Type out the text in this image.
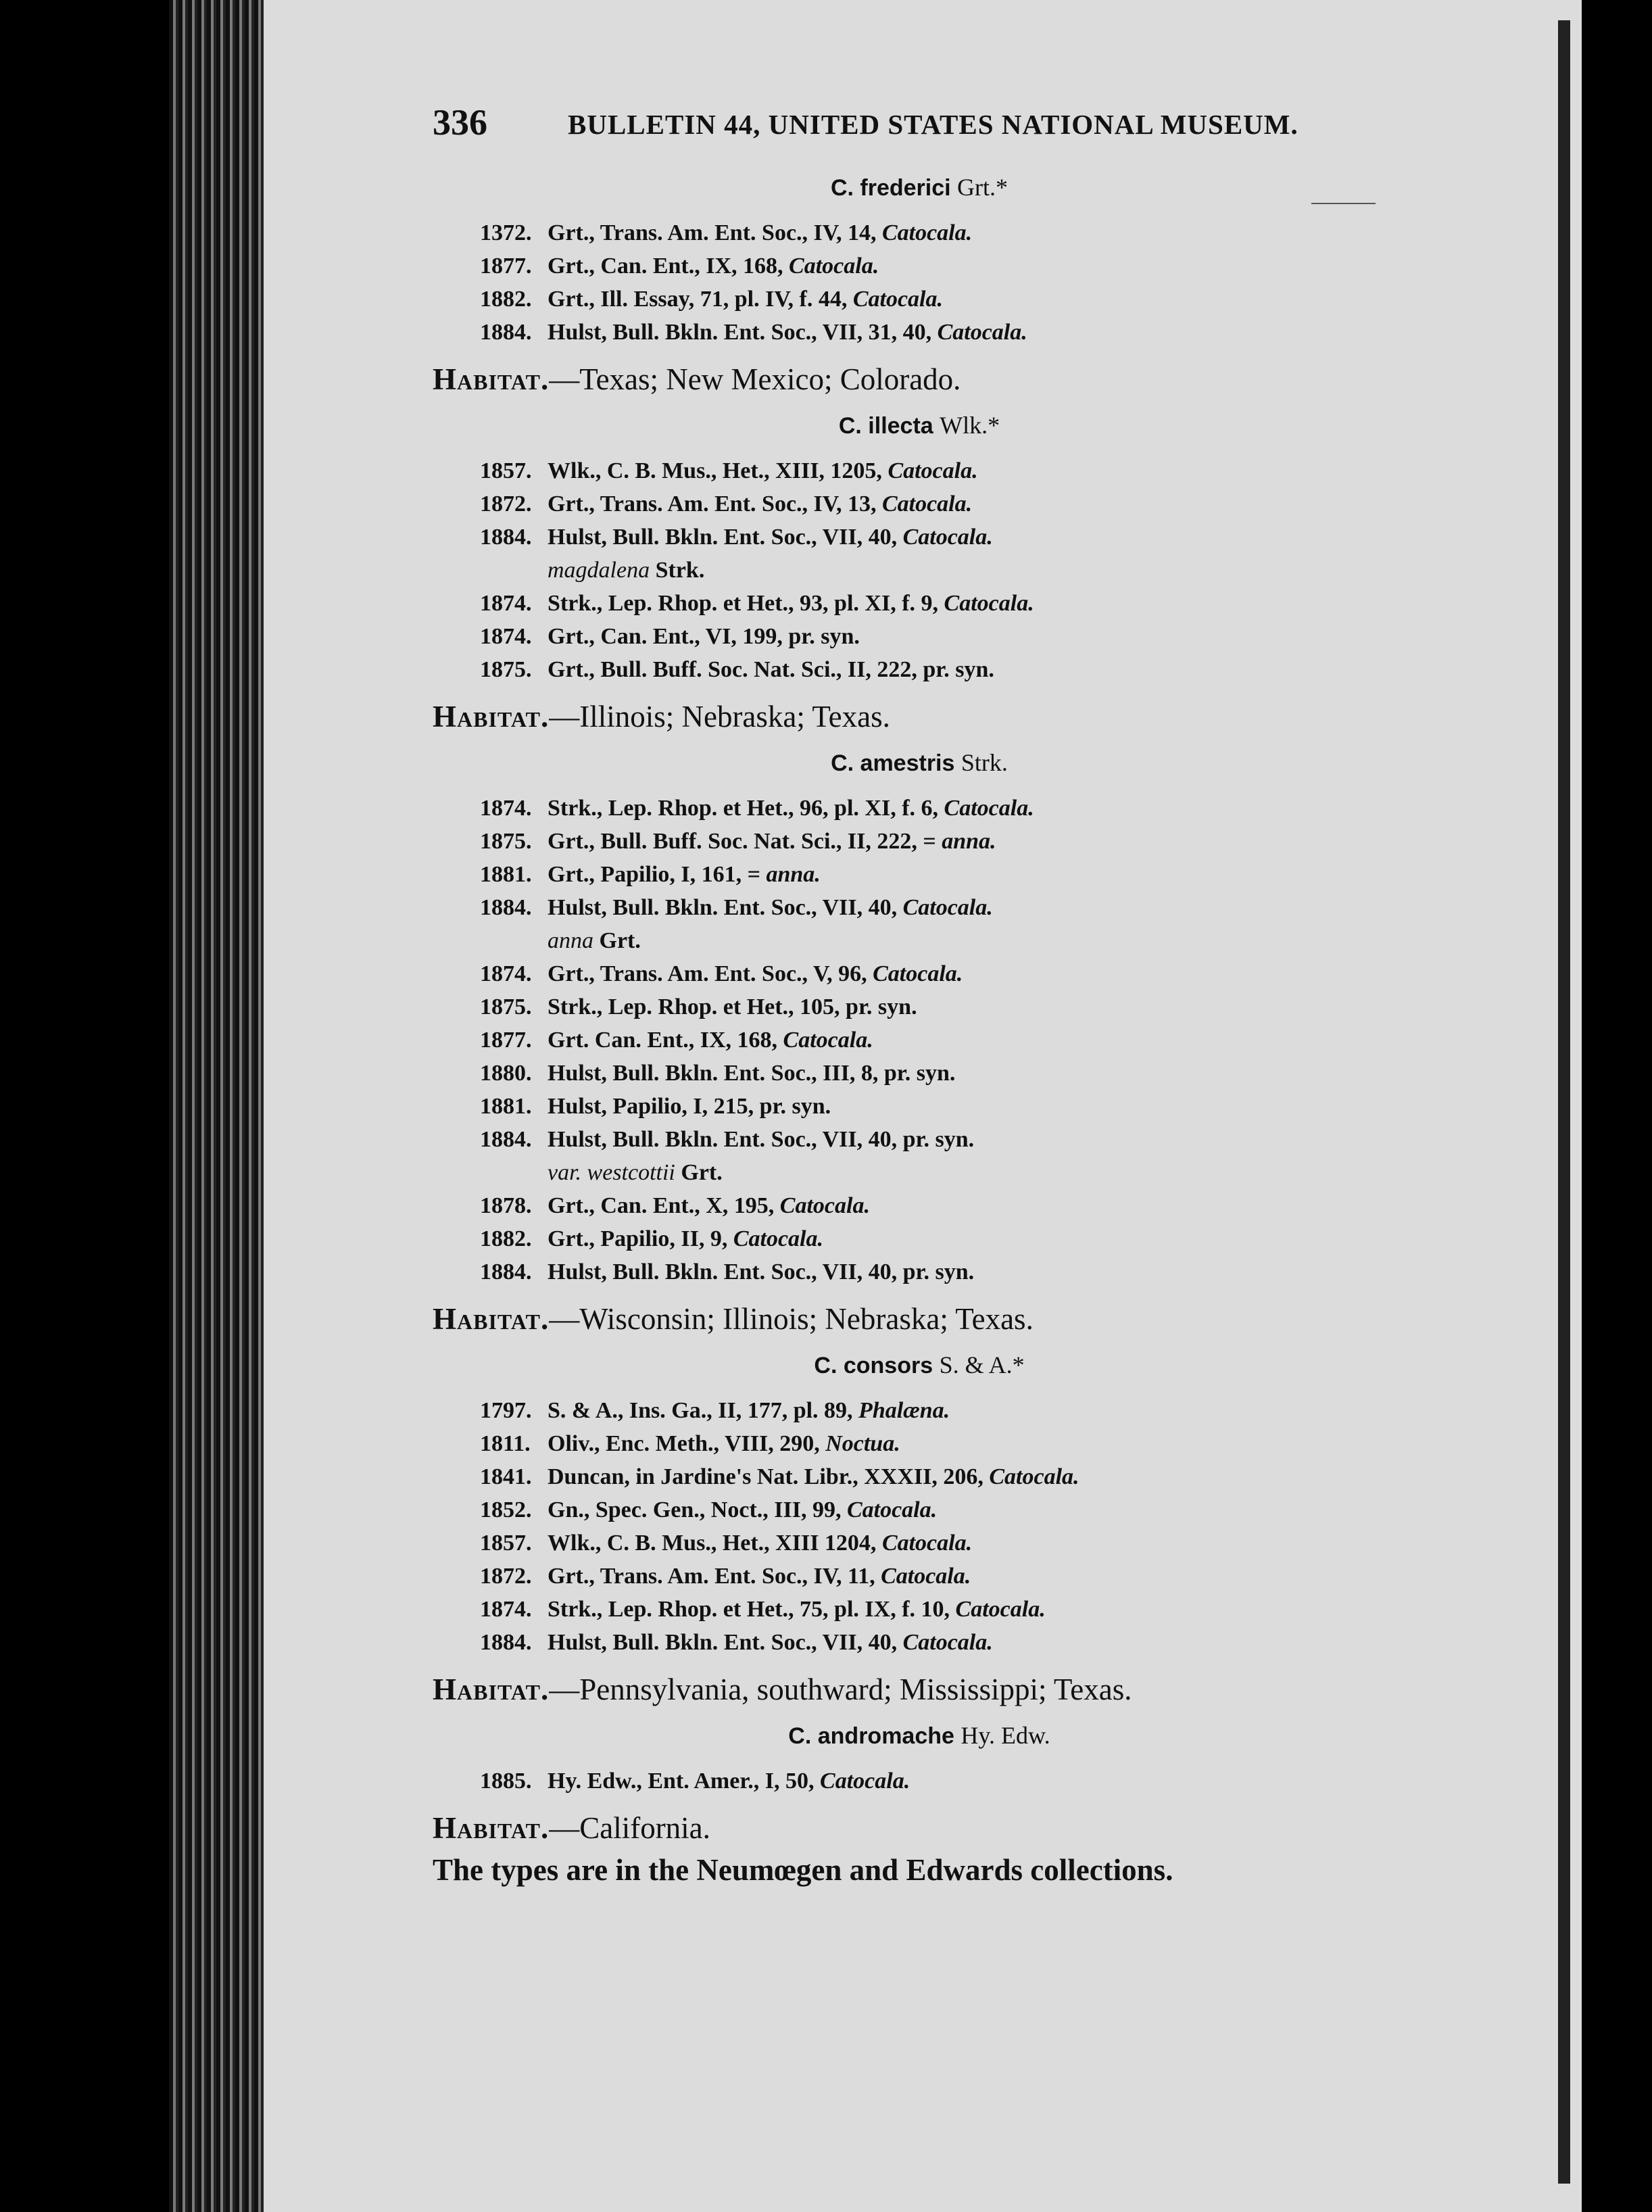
336	BULLETIN 44, UNITED STATES NATIONAL MUSEUM.
C. frederici Grt.*
1372. Grt., Trans. Am. Ent. Soc., IV, 14, Catocala.
1877. Grt., Can. Ent., IX, 168, Catocala.
1882. Grt., Ill. Essay, 71, pl. IV, f. 44, Catocala.
1884. Hulst, Bull. Bkln. Ent. Soc., VII, 31, 40, Catocala.
Habitat.—Texas; New Mexico; Colorado.
C. illecta Wlk.*
1857. Wlk., C. B. Mus., Het., XIII, 1205, Catocala.
1872. Grt., Trans. Am. Ent. Soc., IV, 13, Catocala.
1884. Hulst, Bull. Bkln. Ent. Soc., VII, 40, Catocala.
magdalena Strk.
1874. Strk., Lep. Rhop. et Het., 93, pl. XI, f. 9, Catocala.
1874. Grt., Can. Ent., VI, 199, pr. syn.
1875. Grt., Bull. Buff. Soc. Nat. Sci., II, 222, pr. syn.
Habitat.—Illinois; Nebraska; Texas.
C. amestris Strk.
1874. Strk., Lep. Rhop. et Het., 96, pl. XI, f. 6, Catocala.
1875. Grt., Bull. Buff. Soc. Nat. Sci., II, 222, = anna.
1881. Grt., Papilio, I, 161, = anna.
1884. Hulst, Bull. Bkln. Ent. Soc., VII, 40, Catocala.
anna Grt.
1874. Grt., Trans. Am. Ent. Soc., V, 96, Catocala.
1875. Strk., Lep. Rhop. et Het., 105, pr. syn.
1877. Grt. Can. Ent., IX, 168, Catocala.
1880. Hulst, Bull. Bkln. Ent. Soc., III, 8, pr. syn.
1881. Hulst, Papilio, I, 215, pr. syn.
1884. Hulst, Bull. Bkln. Ent. Soc., VII, 40, pr. syn.
var. westcottii Grt.
1878. Grt., Can. Ent., X, 195, Catocala.
1882. Grt., Papilio, II, 9, Catocala.
1884. Hulst, Bull. Bkln. Ent. Soc., VII, 40, pr. syn.
Habitat.—Wisconsin; Illinois; Nebraska; Texas.
C. consors S. & A.*
1797. S. & A., Ins. Ga., II, 177, pl. 89, Phalæna.
1811. Oliv., Enc. Meth., VIII, 290, Noctua.
1841. Duncan, in Jardine's Nat. Libr., XXXII, 206, Catocala.
1852. Gn., Spec. Gen., Noct., III, 99, Catocala.
1857. Wlk., C. B. Mus., Het., XIII 1204, Catocala.
1872. Grt., Trans. Am. Ent. Soc., IV, 11, Catocala.
1874. Strk., Lep. Rhop. et Het., 75, pl. IX, f. 10, Catocala.
1884. Hulst, Bull. Bkln. Ent. Soc., VII, 40, Catocala.
Habitat.—Pennsylvania, southward; Mississippi; Texas.
C. andromache Hy. Edw.
1885. Hy. Edw., Ent. Amer., I, 50, Catocala.
Habitat.—California.
The types are in the Neumœgen and Edwards collections.
